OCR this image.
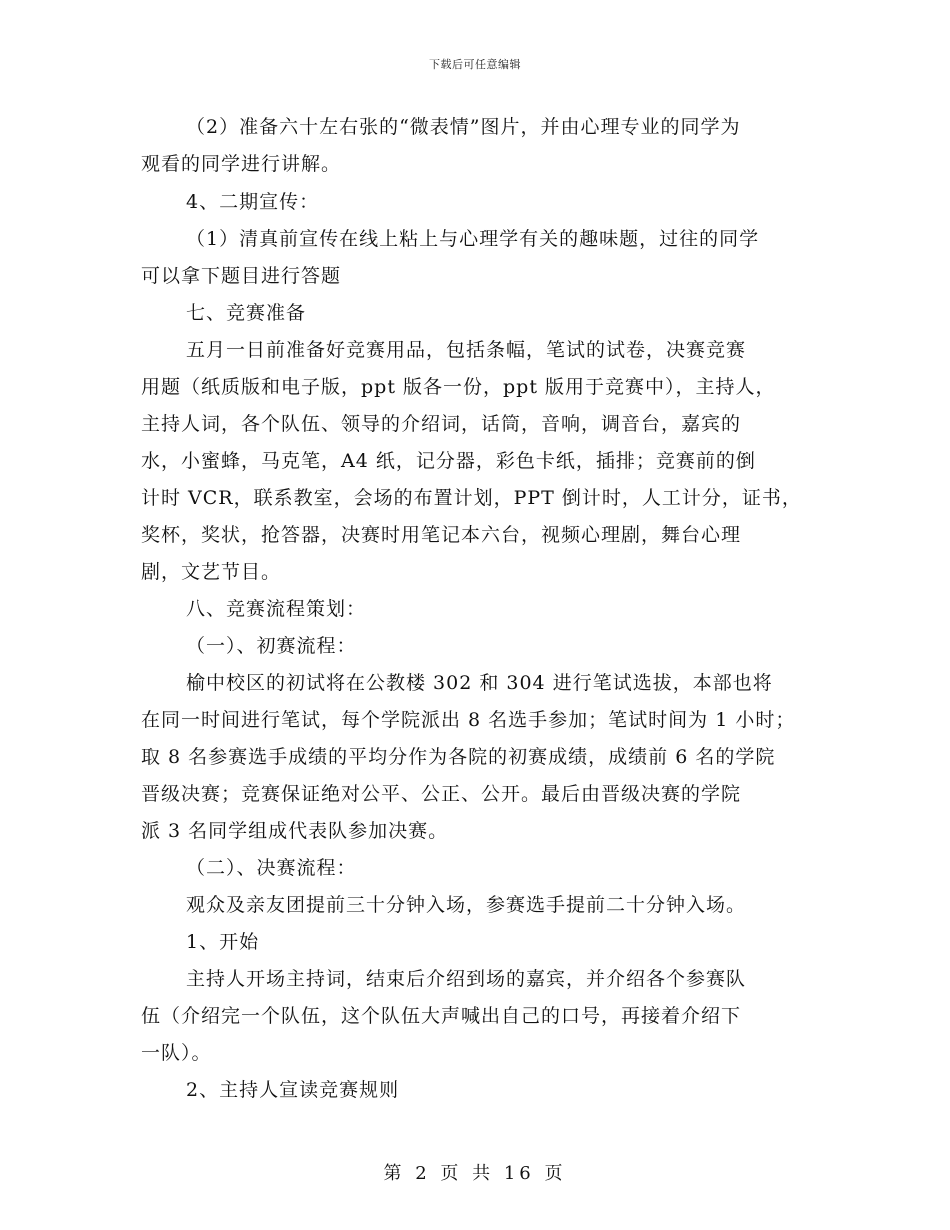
下载后可任意编辑
（2）准备六十左右张的“微表情”图片，并由心理专业的同学为
观看的同学进行讲解。
4、二期宣传：
（1）清真前宣传在线上粘上与心理学有关的趣味题，过往的同学
可以拿下题目进行答题
七、竞赛准备
五月一日前准备好竞赛用品，包括条幅，笔试的试卷，决赛竞赛
用题（纸质版和电子版，ppt 版各一份，ppt 版用于竞赛中），主持人，
主持人词，各个队伍、领导的介绍词，话筒，音响，调音台，嘉宾的
水，小蜜蜂，马克笔，A4 纸，记分器，彩色卡纸，插排；竞赛前的倒
计时 VCR，联系教室，会场的布置计划，PPT 倒计时，人工计分，证书，
奖杯，奖状，抢答器，决赛时用笔记本六台，视频心理剧，舞台心理
剧，文艺节目。
八、竞赛流程策划：
（一）、初赛流程：
榆中校区的初试将在公教楼 302 和 304 进行笔试选拔，本部也将
在同一时间进行笔试，每个学院派出 8 名选手参加；笔试时间为 1 小时；
取 8 名参赛选手成绩的平均分作为各院的初赛成绩，成绩前 6 名的学院
晋级决赛；竞赛保证绝对公平、公正、公开。最后由晋级决赛的学院
派 3 名同学组成代表队参加决赛。
（二）、决赛流程：
观众及亲友团提前三十分钟入场，参赛选手提前二十分钟入场。
1、开始
主持人开场主持词，结束后介绍到场的嘉宾，并介绍各个参赛队
伍（介绍完一个队伍，这个队伍大声喊出自己的口号，再接着介绍下
一队）。
2、主持人宣读竞赛规则
第 2 页 共 16 页
